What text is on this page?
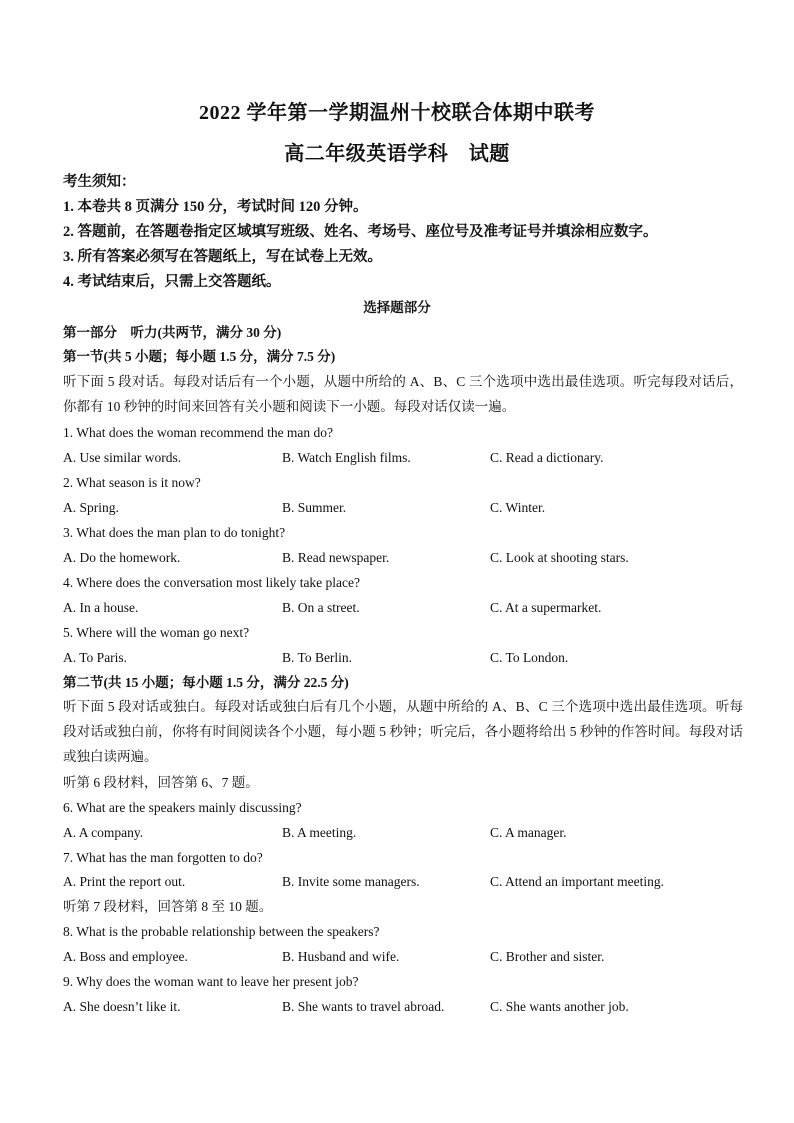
2022 学年第一学期温州十校联合体期中联考
高二年级英语学科　试题
考生须知：
1. 本卷共 8 页满分 150 分，考试时间 120 分钟。
2. 答题前，在答题卷指定区域填写班级、姓名、考场号、座位号及准考证号并填涂相应数字。
3. 所有答案必须写在答题纸上，写在试卷上无效。
4. 考试结束后，只需上交答题纸。
选择题部分
第一部分　听力(共两节，满分 30 分)
第一节(共 5 小题；每小题 1.5 分，满分 7.5 分)
听下面 5 段对话。每段对话后有一个小题，从题中所给的 A、B、C 三个选项中选出最佳选项。听完每段对话后，你都有 10 秒钟的时间来回答有关小题和阅读下一小题。每段对话仅读一遍。
1. What does the woman recommend the man do?
A. Use similar words.	B. Watch English films.	C. Read a dictionary.
2. What season is it now?
A. Spring.	B. Summer.	C. Winter.
3. What does the man plan to do tonight?
A. Do the homework.	B. Read newspaper.	C. Look at shooting stars.
4. Where does the conversation most likely take place?
A. In a house.	B. On a street.	C. At a supermarket.
5. Where will the woman go next?
A. To Paris.	B. To Berlin.	C. To London.
第二节(共 15 小题；每小题 1.5 分，满分 22.5 分)
听下面 5 段对话或独白。每段对话或独白后有几个小题，从题中所给的 A、B、C 三个选项中选出最佳选项。听每段对话或独白前，你将有时间阅读各个小题，每小题 5 秒钟；听完后，各小题将给出 5 秒钟的作答时间。每段对话或独白读两遍。
听第 6 段材料，回答第 6、7 题。
6. What are the speakers mainly discussing?
A. A company.	B. A meeting.	C. A manager.
7. What has the man forgotten to do?
A. Print the report out.	B. Invite some managers.	C. Attend an important meeting.
听第 7 段材料，回答第 8 至 10 题。
8. What is the probable relationship between the speakers?
A. Boss and employee.	B. Husband and wife.	C. Brother and sister.
9. Why does the woman want to leave her present job?
A. She doesn’t like it.	B. She wants to travel abroad.	C. She wants another job.
